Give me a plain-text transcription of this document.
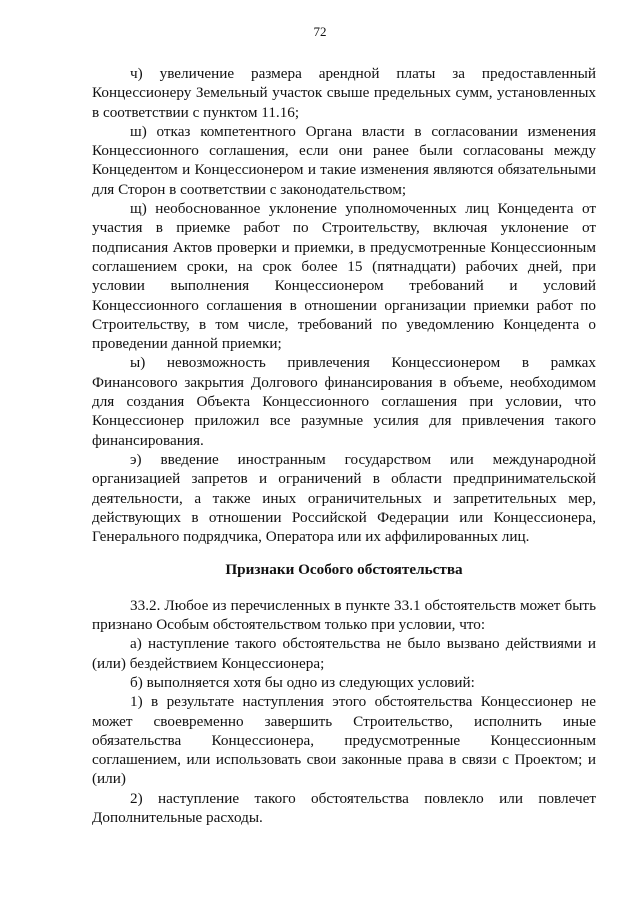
72

ч) увеличение размера арендной платы за предоставленный Концессионеру Земельный участок свыше предельных сумм, установленных в соответствии с пунктом 11.16;

ш) отказ компетентного Органа власти в согласовании изменения Концессионного соглашения, если они ранее были согласованы между Концедентом и Концессионером и такие изменения являются обязательными для Сторон в соответствии с законодательством;

щ) необоснованное уклонение уполномоченных лиц Концедента от участия в приемке работ по Строительству, включая уклонение от подписания Актов проверки и приемки, в предусмотренные Концессионным соглашением сроки, на срок более 15 (пятнадцати) рабочих дней, при условии выполнения Концессионером требований и условий Концессионного соглашения в отношении организации приемки работ по Строительству, в том числе, требований по уведомлению Концедента о проведении данной приемки;

ы) невозможность привлечения Концессионером в рамках Финансового закрытия Долгового финансирования в объеме, необходимом для создания Объекта Концессионного соглашения при условии, что Концессионер приложил все разумные усилия для привлечения такого финансирования.

э) введение иностранным государством или международной организацией запретов и ограничений в области предпринимательской деятельности, а также иных ограничительных и запретительных мер, действующих в отношении Российской Федерации или Концессионера, Генерального подрядчика, Оператора или их аффилированных лиц.

Признаки Особого обстоятельства

33.2. Любое из перечисленных в пункте 33.1 обстоятельств может быть признано Особым обстоятельством только при условии, что:

а) наступление такого обстоятельства не было вызвано действиями и (или) бездействием Концессионера;

б) выполняется хотя бы одно из следующих условий:

1) в результате наступления этого обстоятельства Концессионер не может своевременно завершить Строительство, исполнить иные обязательства Концессионера, предусмотренные Концессионным соглашением, или использовать свои законные права в связи с Проектом; и (или)

2) наступление такого обстоятельства повлекло или повлечет Дополнительные расходы.
